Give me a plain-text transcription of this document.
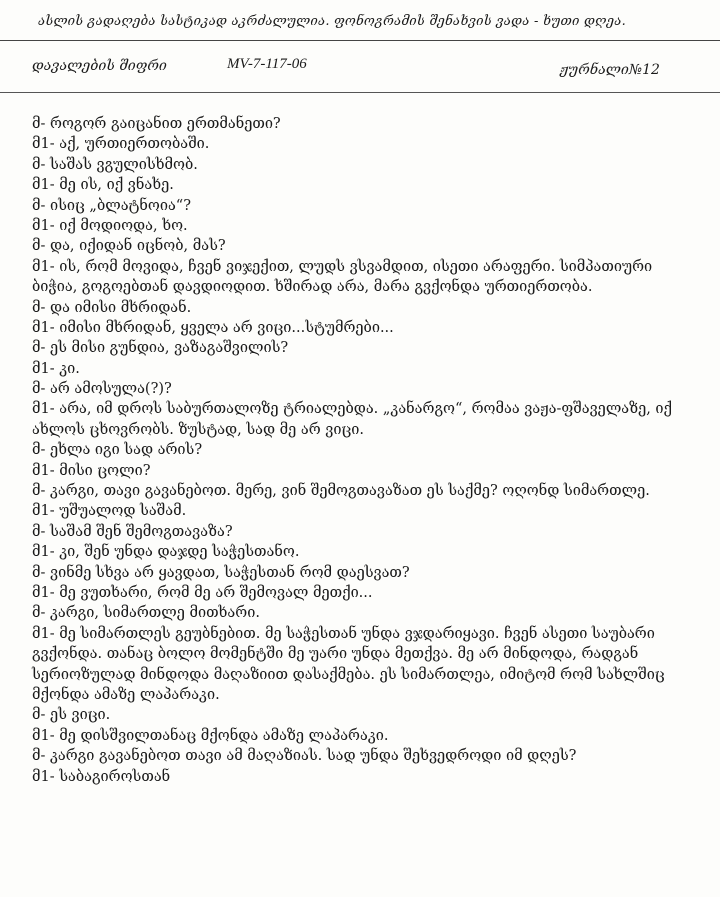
ასლის გადაღება სასტიკად აკრძალულია. ფონოგრამის შენახვის ვადა - ხუთი დღეა.
დავალების შიფრი	MV-7-117-06	ჟურნალი№12
მ- როგორ გაიცანით ერთმანეთი?
მ1- აქ, ურთიერთობაში.
მ- საშას ვგულისხმობ.
მ1- მე ის, იქ ვნახე.
მ- ისიც „ბლატნოია“?
მ1- იქ მოდიოდა, ხო.
მ- და, იქიდან იცნობ, მას?
მ1- ის, რომ მოვიდა, ჩვენ ვიჯექით, ლუდს ვსვამდით, ისეთი არაფერი. სიმპათიური
ბიჭია, გოგოებთან დავდიოდით. ხშირად არა, მარა გვქონდა ურთიერთობა.
მ- და იმისი მხრიდან.
მ1- იმისი მხრიდან, ყველა არ ვიცი...სტუმრები...
მ- ეს მისი გუნდია, ვაზაგაშვილის?
მ1- კი.
მ- არ ამოსულა(?)?
მ1- არა, იმ დროს საბურთალოზე ტრიალებდა. „კანარგო“, რომაა ვაჟა-ფშაველაზე, იქ
ახლოს ცხოვრობს. ზუსტად, სად მე არ ვიცი.
მ- ეხლა იგი სად არის?
მ1- მისი ცოლი?
მ- კარგი, თავი გავანებოთ. მერე, ვინ შემოგთავაზათ ეს საქმე? ოღონდ სიმართლე.
მ1- უშუალოდ საშამ.
მ- საშამ შენ შემოგთავაზა?
მ1- კი, შენ უნდა დაჯდე საჭესთანო.
მ- ვინმე სხვა არ ყავდათ, საჭესთან რომ დაესვათ?
მ1- მე ვუთხარი, რომ მე არ შემოვალ მეთქი...
მ- კარგი, სიმართლე მითხარი.
მ1- მე სიმართლეს გეუბნებით. მე საჭესთან უნდა ვჯდარიყავი. ჩვენ ასეთი საუბარი
გვქონდა. თანაც ბოლო მომენტში მე უარი უნდა მეთქვა. მე არ მინდოდა, რადგან
სერიოზულად მინდოდა მაღაზიით დასაქმება. ეს სიმართლეა, იმიტომ რომ სახლშიც
მქონდა ამაზე ლაპარაკი.
მ- ეს ვიცი.
მ1- მე დისშვილთანაც მქონდა ამაზე ლაპარაკი.
მ- კარგი გავანებოთ თავი ამ მაღაზიას. სად უნდა შეხვედროდი იმ დღეს?
მ1- საბაგიროსთან
